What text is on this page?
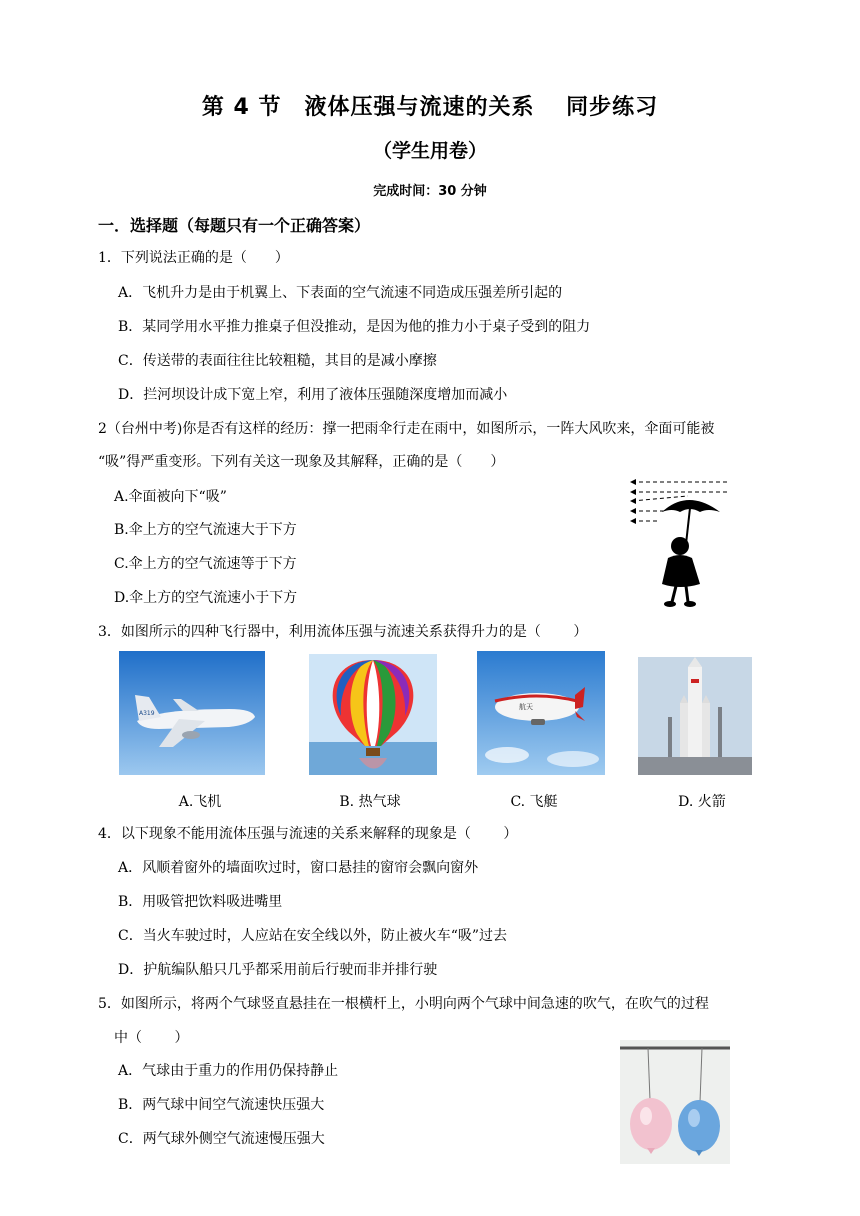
第 4 节　液体压强与流速的关系　 同步练习
（学生用卷）
完成时间：30 分钟
一．选择题（每题只有一个正确答案）
1．下列说法正确的是（　　）
A．飞机升力是由于机翼上、下表面的空气流速不同造成压强差所引起的
B．某同学用水平推力推桌子但没推动，是因为他的推力小于桌子受到的阻力
C．传送带的表面往往比较粗糙，其目的是减小摩擦
D．拦河坝设计成下宽上窄，利用了液体压强随深度增加而减小
2（台州中考)你是否有这样的经历：撑一把雨伞行走在雨中，如图所示，一阵大风吹来，伞面可能被
“吸”得严重变形。下列有关这一现象及其解释，正确的是（　　）
A.伞面被向下“吸”
B.伞上方的空气流速大于下方
C.伞上方的空气流速等于下方
D.伞上方的空气流速小于下方
3．如图所示的四种飞行器中，利用流体压强与流速关系获得升力的是（　　 ）
A319
航天
A.飞机	B. 热气球	C. 飞艇	D. 火箭
4．以下现象不能用流体压强与流速的关系来解释的现象是（　　 ）
A．风顺着窗外的墙面吹过时，窗口悬挂的窗帘会飘向窗外
B．用吸管把饮料吸进嘴里
C．当火车驶过时，人应站在安全线以外，防止被火车“吸”过去
D．护航编队船只几乎都采用前后行驶而非并排行驶
5．如图所示，将两个气球竖直悬挂在一根横杆上，小明向两个气球中间急速的吹气，在吹气的过程
中（　　 ）
A．气球由于重力的作用仍保持静止
B．两气球中间空气流速快压强大
C．两气球外侧空气流速慢压强大
